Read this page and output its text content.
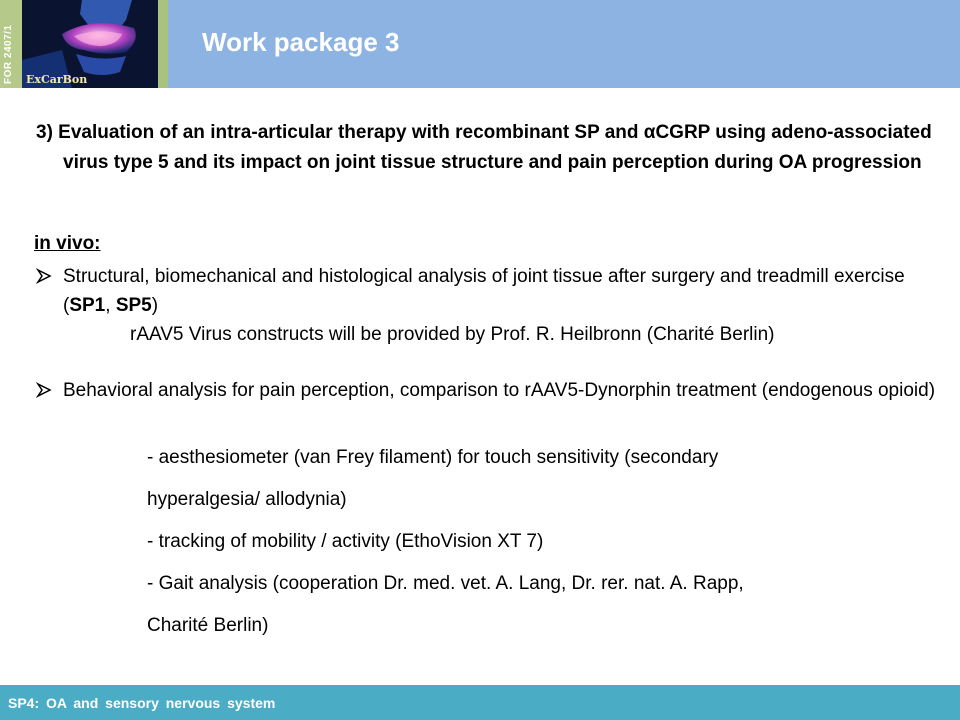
FOR 2407/1 ExCarBon
Work package 3
3) Evaluation of an intra-articular therapy with recombinant SP and αCGRP using adeno-associated virus type 5 and its impact on joint tissue structure and pain perception during OA progression
in vivo:
Structural, biomechanical and histological analysis of joint tissue after surgery and treadmill exercise (SP1, SP5)
rAAV5 Virus constructs will be provided by Prof. R. Heilbronn (Charité Berlin)
Behavioral analysis for pain perception, comparison to rAAV5-Dynorphin treatment (endogenous opioid)
- aesthesiometer (van Frey filament) for touch sensitivity (secondary
hyperalgesia/ allodynia)
- tracking of mobility / activity (EthoVision XT 7)
- Gait analysis (cooperation Dr. med. vet. A. Lang, Dr. rer. nat. A. Rapp,
Charité Berlin)
SP4: OA and sensory nervous system
